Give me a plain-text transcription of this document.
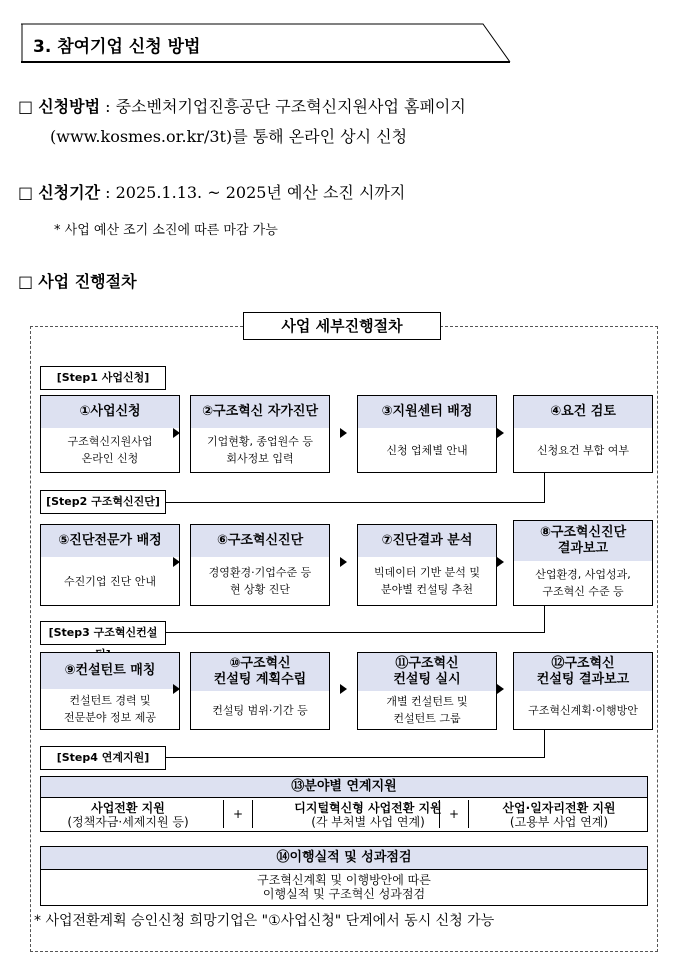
3. 참여기업 신청 방법
□ 신청방법 : 중소벤처기업진흥공단 구조혁신지원사업 홈페이지
(www.kosmes.or.kr/3t)를 통해 온라인 상시 신청
□ 신청기간 : 2025.1.13. ~ 2025년 예산 소진 시까지
* 사업 예산 조기 소진에 따른 마감 가능
□ 사업 진행절차
사업 세부진행절차
[Step1 사업신청]
[Step2 구조혁신진단]
[Step3 구조혁신컨설
[Step4 연계지원]
①사업신청
구조혁신지원사업
온라인 신청
②구조혁신 자가진단
기업현황, 종업원수 등
회사정보 입력
③지원센터 배정
신청 업체별 안내
④요건 검토
신청요건 부합 여부
⑤진단전문가 배정
수진기업 진단 안내
⑥구조혁신진단
경영환경·기업수준 등
현 상황 진단
⑦진단결과 분석
빅데이터 기반 분석 및
분야별 컨설팅 추천
⑧구조혁신진단
결과보고
산업환경, 사업성과,
구조혁신 수준 등
⑨컨설턴트 매칭
컨설턴트 경력 및
전문분야 정보 제공
⑩구조혁신
컨설팅 계획수립
컨설팅 범위·기간 등
⑪구조혁신
컨설팅 실시
개별 컨설턴트 및
컨설턴트 그룹
⑫구조혁신
컨설팅 결과보고
구조혁신계획·이행방안
⑬분야별 연계지원
사업전환 지원
(정책자금·세제지원 등)
+	디지털혁신형 사업전환 지원
(각 부처별 사업 연계)
+	산업·일자리전환 지원
(고용부 사업 연계)
⑭이행실적 및 성과점검
구조혁신계획 및 이행방안에 따른
이행실적 및 구조혁신 성과점검
* 사업전환계획 승인신청 희망기업은 "①사업신청" 단계에서 동시 신청 가능
